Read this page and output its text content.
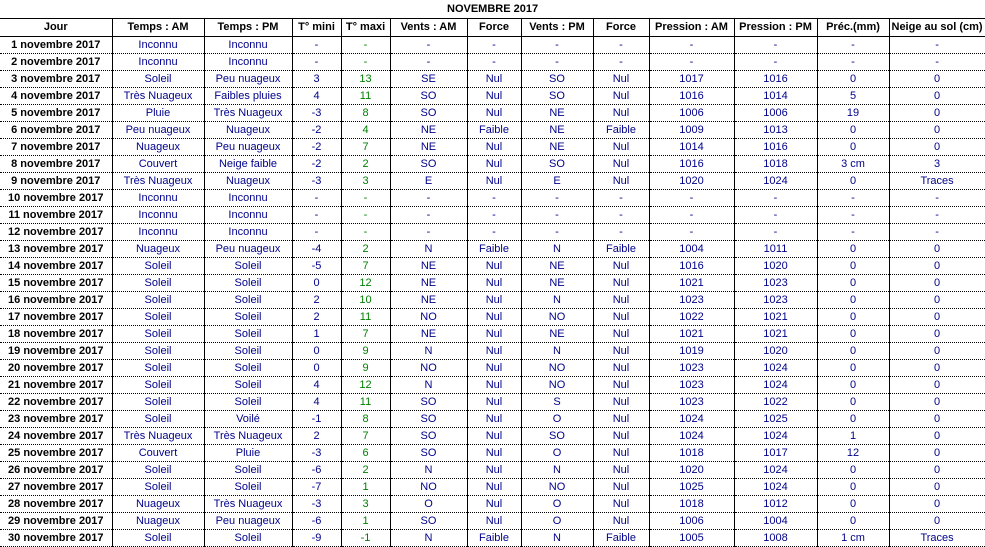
NOVEMBRE 2017												
Jour	Temps : AM	Temps : PM	T° mini	T° maxi	Vents : AM	Force	Vents : PM	Force	Pression : AM	Pression : PM	Préc.(mm)	Neige au sol (cm)
1 novembre 2017	Inconnu	Inconnu	-	-	-	-	-	-	-	-	-	-
2 novembre 2017	Inconnu	Inconnu	-	-	-	-	-	-	-	-	-	-
3 novembre 2017	Soleil	Peu nuageux	3	13	SE	Nul	SO	Nul	1017	1016	0	0
4 novembre 2017	Très Nuageux	Faibles pluies	4	11	SO	Nul	SO	Nul	1016	1014	5	0
5 novembre 2017	Pluie	Très Nuageux	-3	8	SO	Nul	NE	Nul	1006	1006	19	0
6 novembre 2017	Peu nuageux	Nuageux	-2	4	NE	Faible	NE	Faible	1009	1013	0	0
7 novembre 2017	Nuageux	Peu nuageux	-2	7	NE	Nul	NE	Nul	1014	1016	0	0
8 novembre 2017	Couvert	Neige faible	-2	2	SO	Nul	SO	Nul	1016	1018	3 cm	3
9 novembre 2017	Très Nuageux	Nuageux	-3	3	E	Nul	E	Nul	1020	1024	0	Traces
10 novembre 2017	Inconnu	Inconnu	-	-	-	-	-	-	-	-	-	-
11 novembre 2017	Inconnu	Inconnu	-	-	-	-	-	-	-	-	-	-
12 novembre 2017	Inconnu	Inconnu	-	-	-	-	-	-	-	-	-	-
13 novembre 2017	Nuageux	Peu nuageux	-4	2	N	Faible	N	Faible	1004	1011	0	0
14 novembre 2017	Soleil	Soleil	-5	7	NE	Nul	NE	Nul	1016	1020	0	0
15 novembre 2017	Soleil	Soleil	0	12	NE	Nul	NE	Nul	1021	1023	0	0
16 novembre 2017	Soleil	Soleil	2	10	NE	Nul	N	Nul	1023	1023	0	0
17 novembre 2017	Soleil	Soleil	2	11	NO	Nul	NO	Nul	1022	1021	0	0
18 novembre 2017	Soleil	Soleil	1	7	NE	Nul	NE	Nul	1021	1021	0	0
19 novembre 2017	Soleil	Soleil	0	9	N	Nul	N	Nul	1019	1020	0	0
20 novembre 2017	Soleil	Soleil	0	9	NO	Nul	NO	Nul	1023	1024	0	0
21 novembre 2017	Soleil	Soleil	4	12	N	Nul	NO	Nul	1023	1024	0	0
22 novembre 2017	Soleil	Soleil	4	11	SO	Nul	S	Nul	1023	1022	0	0
23 novembre 2017	Soleil	Voilé	-1	8	SO	Nul	O	Nul	1024	1025	0	0
24 novembre 2017	Très Nuageux	Très Nuageux	2	7	SO	Nul	SO	Nul	1024	1024	1	0
25 novembre 2017	Couvert	Pluie	-3	6	SO	Nul	O	Nul	1018	1017	12	0
26 novembre 2017	Soleil	Soleil	-6	2	N	Nul	N	Nul	1020	1024	0	0
27 novembre 2017	Soleil	Soleil	-7	1	NO	Nul	NO	Nul	1025	1024	0	0
28 novembre 2017	Nuageux	Très Nuageux	-3	3	O	Nul	O	Nul	1018	1012	0	0
29 novembre 2017	Nuageux	Peu nuageux	-6	1	SO	Nul	O	Nul	1006	1004	0	0
30 novembre 2017	Soleil	Soleil	-9	-1	N	Faible	N	Faible	1005	1008	1 cm	Traces
